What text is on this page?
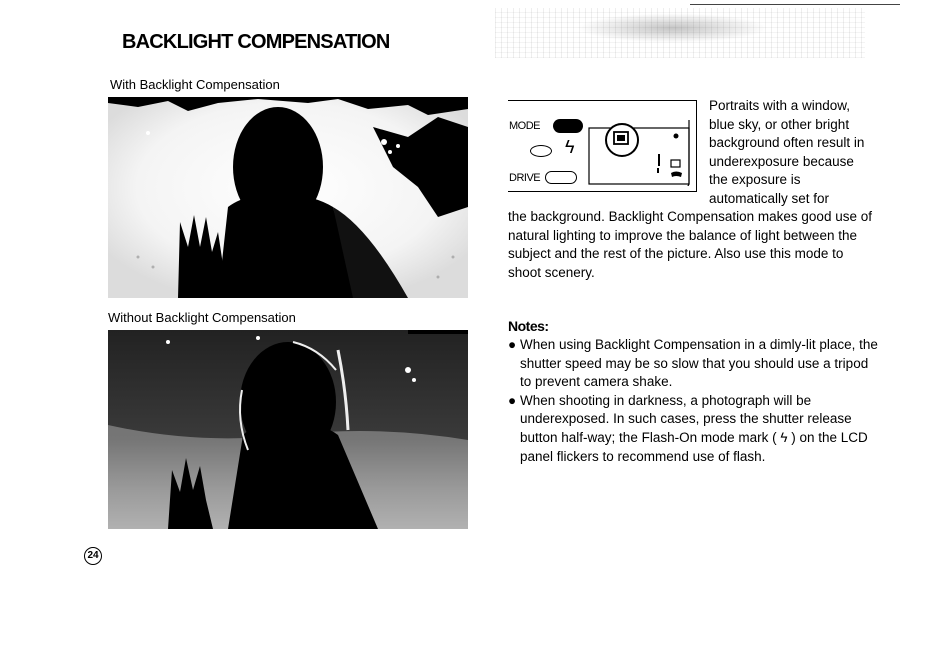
BACKLIGHT COMPENSATION
With Backlight Compensation
Without Backlight Compensation
MODE
ϟ
DRIVE

Portraits with a window, blue sky, or other bright background often result in underexposure because the exposure is automatically set for

the background. Backlight Compensation makes good use of natural lighting to improve the balance of light between the subject and the rest of the picture. Also use this mode to shoot scenery.

Notes:
● When using Backlight Compensation in a dimly-lit place, the shutter speed may be so slow that you should use a tripod to prevent camera shake.
● When shooting in darkness, a photograph will be underexposed. In such cases, press the shutter release button half-way; the Flash-On mode mark ( ϟ ) on the LCD panel flickers to recommend use of flash.
24
